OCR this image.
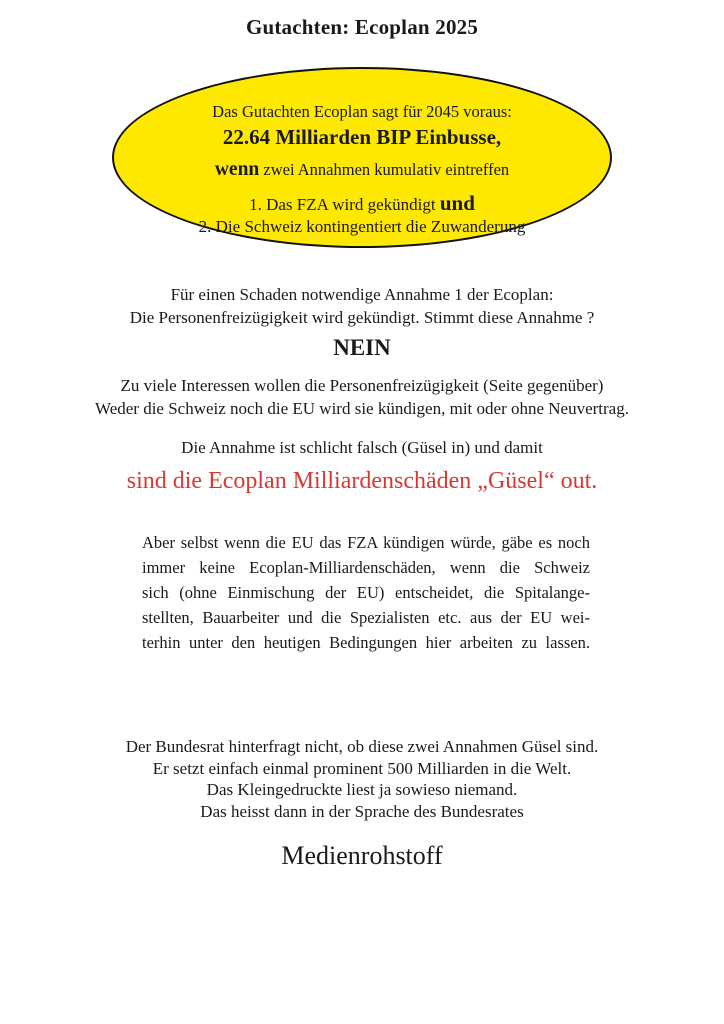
Gutachten: Ecoplan 2025
Das Gutachten Ecoplan sagt für 2045 voraus:
22.64 Milliarden BIP Einbusse,
wenn zwei Annahmen kumulativ eintreffen
1. Das FZA wird gekündigt und
2. Die Schweiz kontingentiert die Zuwanderung
Für einen Schaden notwendige Annahme 1 der Ecoplan:
Die Personenfreizügigkeit wird gekündigt. Stimmt diese Annahme ?
NEIN
Zu viele Interessen wollen die Personenfreizügigkeit (Seite gegenüber)
Weder die Schweiz noch die EU wird sie kündigen, mit oder ohne Neuvertrag.
Die Annahme ist schlicht falsch (Güsel in) und damit
sind die Ecoplan Milliardenschäden „Güsel“ out.
Aber selbst wenn die EU das FZA kündigen würde, gäbe es noch
immer keine Ecoplan-Milliardenschäden, wenn die Schweiz
sich (ohne Einmischung der EU) entscheidet, die Spitalange-
stellten, Bauarbeiter und die Spezialisten etc. aus der EU wei-
terhin unter den heutigen Bedingungen hier arbeiten zu lassen.
Der Bundesrat hinterfragt nicht, ob diese zwei Annahmen Güsel sind.
Er setzt einfach einmal prominent 500 Milliarden in die Welt.
Das Kleingedruckte liest ja sowieso niemand.
Das heisst dann in der Sprache des Bundesrates
Medienrohstoff
